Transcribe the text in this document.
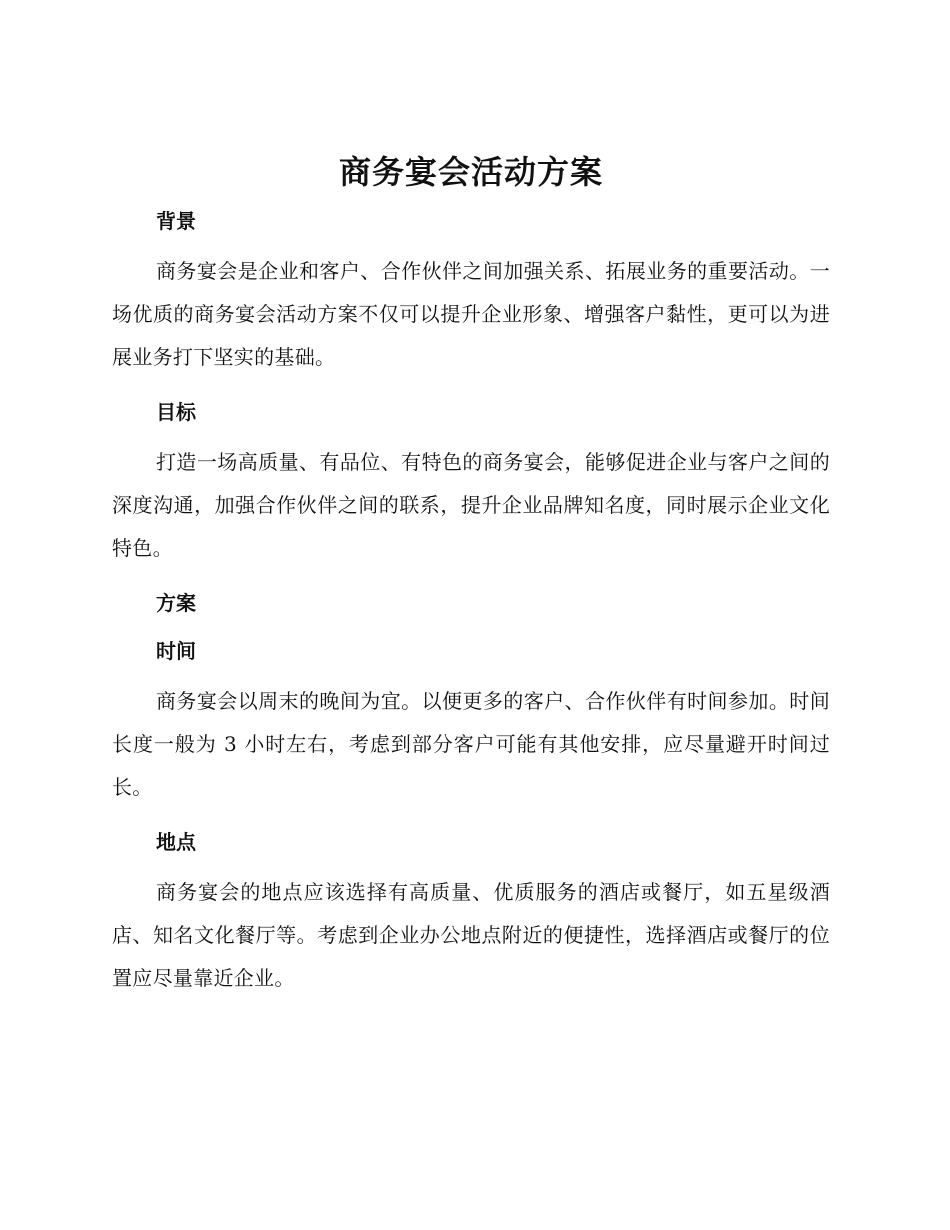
商务宴会活动方案
背景

商务宴会是企业和客户、合作伙伴之间加强关系、拓展业务的重要活动。一场优质的商务宴会活动方案不仅可以提升企业形象、增强客户黏性，更可以为进展业务打下坚实的基础。

目标

打造一场高质量、有品位、有特色的商务宴会，能够促进企业与客户之间的深度沟通，加强合作伙伴之间的联系，提升企业品牌知名度，同时展示企业文化特色。

方案
时间

商务宴会以周末的晚间为宜。以便更多的客户、合作伙伴有时间参加。时间长度一般为 3 小时左右，考虑到部分客户可能有其他安排，应尽量避开时间过长。

地点

商务宴会的地点应该选择有高质量、优质服务的酒店或餐厅，如五星级酒店、知名文化餐厅等。考虑到企业办公地点附近的便捷性，选择酒店或餐厅的位置应尽量靠近企业。
